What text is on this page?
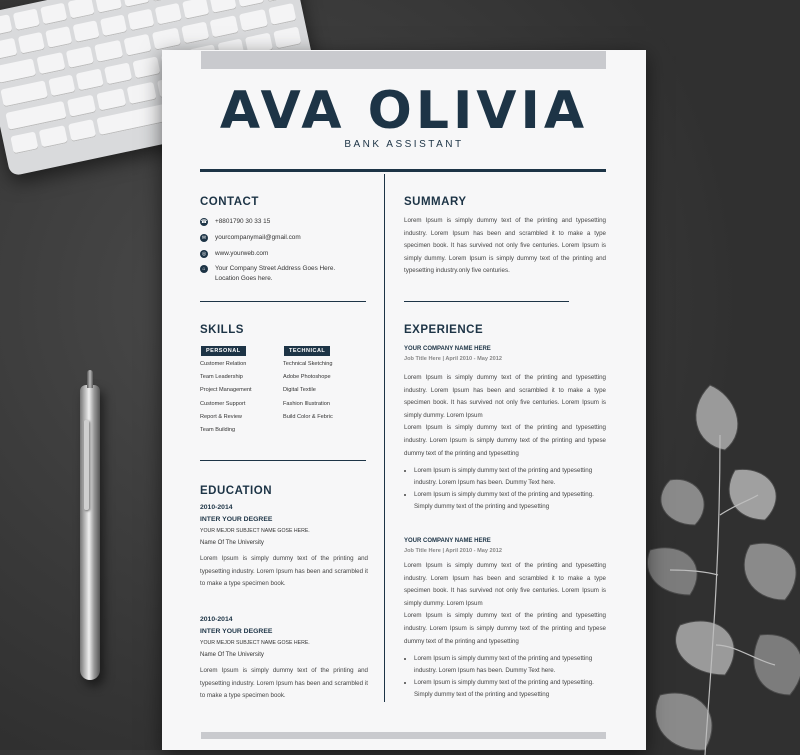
AVA OLIVIA
BANK ASSISTANT
CONTACT
☎ +8801790 30 33 15
✉ yourcompanymail@gmail.com
◎ www.yourweb.com
⌂	Your Company Street Address Goes Here.
Location Goes here.
SKILLS
PERSONAL	TECHNICAL
Customer Relation
Team Leadership
Project Management
Customer Support
Report & Review
Team Building
Technical Sketching
Adobe Photoshope
Digital Textile
Fashion Illustration
Build Color & Febric
EDUCATION
2010-2014
INTER YOUR DEGREE
YOUR MEJOR SUBJECT NAME GOSE HERE.
Name Of The University
Lorem Ipsum is simply dummy text of the printing and typesetting industry. Lorem Ipsum has been and scrambled it to make a type specimen book.
2010-2014
INTER YOUR DEGREE
YOUR MEJOR SUBJECT NAME GOSE HERE.
Name Of The University
Lorem Ipsum is simply dummy text of the printing and typesetting industry. Lorem Ipsum has been and scrambled it to make a type specimen book.
SUMMARY
Lorem Ipsum is simply dummy text of the printing and typesetting industry. Lorem Ipsum has been and scrambled it to make a type specimen book. It has survived not only five centuries. Lorem Ipsum is simply dummy. Lorem Ipsum is simply dummy text of the printing and typesetting industry.only five centuries.
EXPERIENCE
YOUR COMPANY NAME HERE
Job Title Here | April 2010 - May 2012
Lorem Ipsum is simply dummy text of the printing and typesetting industry. Lorem Ipsum has been and scrambled it to make a type specimen book. It has survived not only five centuries. Lorem Ipsum is simply dummy. Lorem Ipsum
Lorem Ipsum is simply dummy text of the printing and typesetting industry. Lorem Ipsum is simply dummy text of the printing and typese dummy text of the printing and typesetting
• Lorem Ipsum is simply dummy text of the printing and typesetting industry. Lorem Ipsum has been. Dummy Text here.
• Lorem Ipsum is simply dummy text of the printing and typesetting. Simply dummy text of the printing and typesetting
YOUR COMPANY NAME HERE
Job Title Here | April 2010 - May 2012
Lorem Ipsum is simply dummy text of the printing and typesetting industry. Lorem Ipsum has been and scrambled it to make a type specimen book. It has survived not only five centuries. Lorem Ipsum is simply dummy. Lorem Ipsum
Lorem Ipsum is simply dummy text of the printing and typesetting industry. Lorem Ipsum is simply dummy text of the printing and typese dummy text of the printing and typesetting
• Lorem Ipsum is simply dummy text of the printing and typesetting industry. Lorem Ipsum has been. Dummy Text here.
• Lorem Ipsum is simply dummy text of the printing and typesetting. Simply dummy text of the printing and typesetting
